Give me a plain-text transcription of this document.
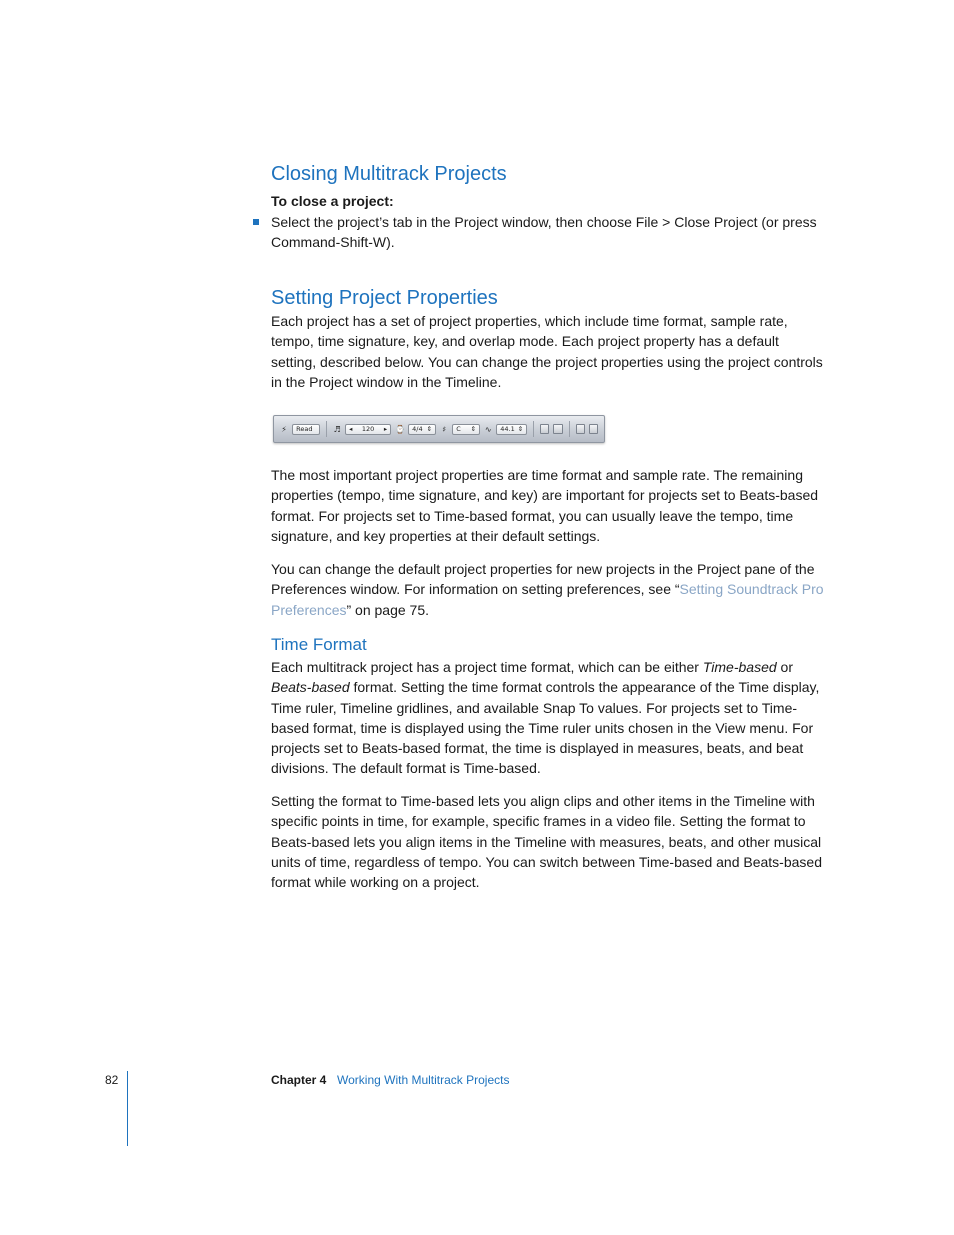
Closing Multitrack Projects

To close a project:

Select the project’s tab in the Project window, then choose File > Close Project (or press
Command-Shift-W).

Setting Project Properties

Each project has a set of project properties, which include time format, sample rate, tempo, time signature, key, and overlap mode. Each project property has a default setting, described below. You can change the project properties using the project controls in the Project window in the Timeline.

⚡ Read	♬ ◂ 120 ▸ ⌚ 4/4 ⇕ ♯	C ⇕ ∿ 44.1 ⇕

The most important project properties are time format and sample rate. The remaining properties (tempo, time signature, and key) are important for projects set to Beats-based format. For projects set to Time-based format, you can usually leave the tempo, time signature, and key properties at their default settings.

You can change the default project properties for new projects in the Project pane of the Preferences window. For information on setting preferences, see “Setting Soundtrack Pro Preferences” on page 75.

Time Format

Each multitrack project has a project time format, which can be either Time-based or Beats-based format. Setting the time format controls the appearance of the Time display, Time ruler, Timeline gridlines, and available Snap To values. For projects set to Time-based format, time is displayed using the Time ruler units chosen in the View menu. For projects set to Beats-based format, the time is displayed in measures, beats, and beat divisions. The default format is Time-based.

Setting the format to Time-based lets you align clips and other items in the Timeline with specific points in time, for example, specific frames in a video file. Setting the format to Beats-based lets you align items in the Timeline with measures, beats, and other musical units of time, regardless of tempo. You can switch between Time-based and Beats-based format while working on a project.

82	Chapter 4 Working With Multitrack Projects
